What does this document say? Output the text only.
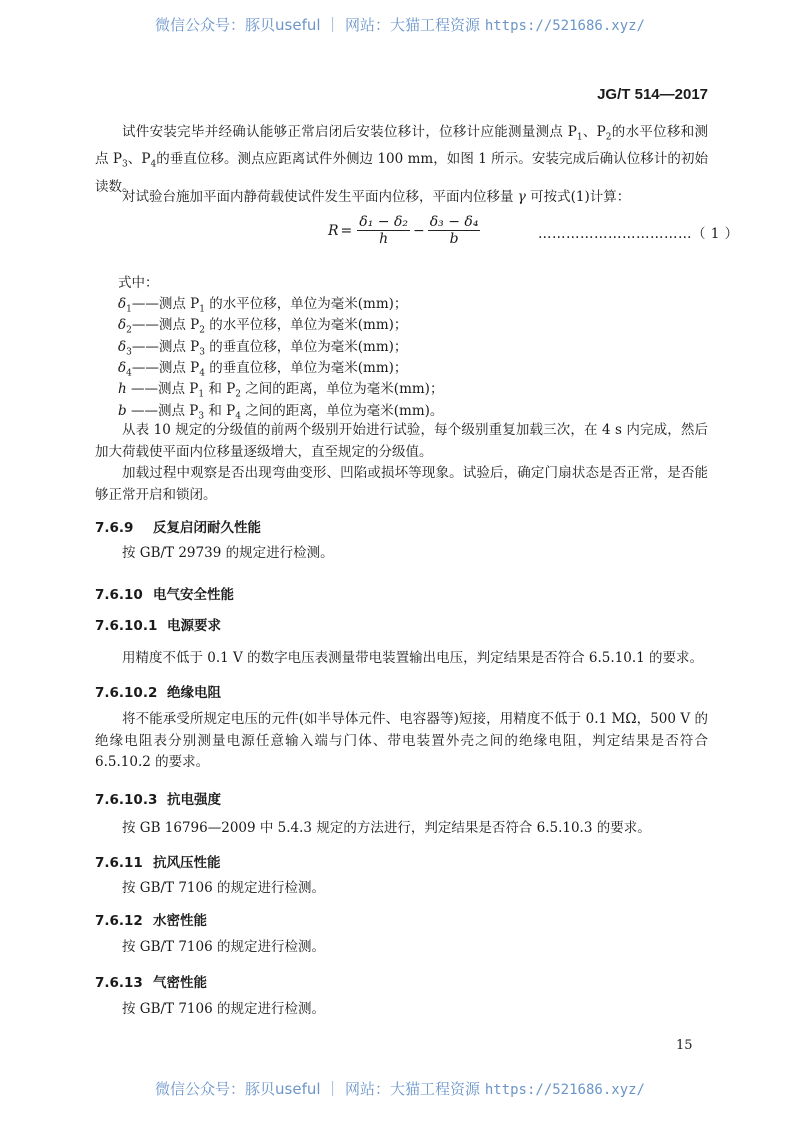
微信公众号：豚贝useful ｜ 网站：大猫工程资源 https://521686.xyz/
JG/T 514—2017
试件安装完毕并经确认能够正常启闭后安装位移计，位移计应能测量测点 $P_1$、$P_2$的水平位移和测点 $P_3$、$P_4$的垂直位移。测点应距离试件外侧边 100 mm，如图 1 所示。安装完成后确认位移计的初始读数。
对试验台施加平面内静荷载使试件发生平面内位移，平面内位移量 γ 可按式(1)计算：
$R = \frac{\text{δ₁ − δ₂}}{h} - \frac{\text{δ₃ − δ₄}}{b}$	……………………………（ 1 ）
式中：
$\delta_1——$测点 $P_1$ 的水平位移，单位为毫米(mm)；
$\delta_2——$测点 $P_2$ 的水平位移，单位为毫米(mm)；
$\delta_3——$测点 $P_3$ 的垂直位移，单位为毫米(mm)；
$\delta_4——$测点 $P_4$ 的垂直位移，单位为毫米(mm)；
h ——测点 $P_1$ 和 $P_2$ 之间的距离，单位为毫米(mm)；
b ——测点 $P_3$ 和 $P_4$ 之间的距离，单位为毫米(mm)。
从表 10 规定的分级值的前两个级别开始进行试验，每个级别重复加载三次，在 4 s 内完成，然后加大荷载使平面内位移量逐级增大，直至规定的分级值。
加载过程中观察是否出现弯曲变形、凹陷或损坏等现象。试验后，确定门扇状态是否正常，是否能够正常开启和锁闭。
7.6.9 反复启闭耐久性能
按 GB/T 29739 的规定进行检测。
7.6.10 电气安全性能
7.6.10.1 电源要求
用精度不低于 0.1 V 的数字电压表测量带电装置输出电压，判定结果是否符合 6.5.10.1 的要求。
7.6.10.2 绝缘电阻
将不能承受所规定电压的元件(如半导体元件、电容器等)短接，用精度不低于 0.1 MΩ，500 V 的绝缘电阻表分别测量电源任意输入端与门体、带电装置外壳之间的绝缘电阻，判定结果是否符合 6.5.10.2 的要求。
7.6.10.3 抗电强度
按 GB 16796—2009 中 5.4.3 规定的方法进行，判定结果是否符合 6.5.10.3 的要求。
7.6.11 抗风压性能
按 GB/T 7106 的规定进行检测。
7.6.12 水密性能
按 GB/T 7106 的规定进行检测。
7.6.13 气密性能
按 GB/T 7106 的规定进行检测。
15
微信公众号：豚贝useful ｜ 网站：大猫工程资源 https://521686.xyz/
